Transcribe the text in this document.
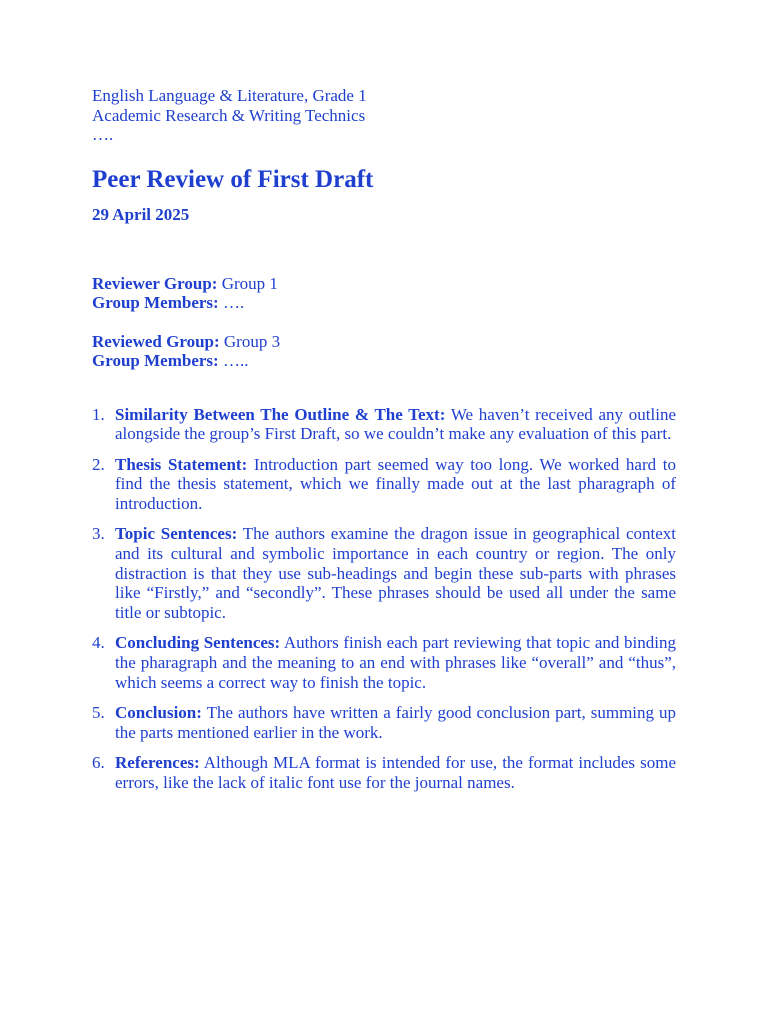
English Language & Literature, Grade 1

Academic Research & Writing Technics

….

Peer Review of First Draft

29 April 2025

Reviewer Group: Group 1

Group Members: ….

Reviewed Group: Group 3

Group Members: …..

1. Similarity Between The Outline & The Text: We haven’t received any outline alongside the group’s First Draft, so we couldn’t make any evaluation of this part.
2. Thesis Statement: Introduction part seemed way too long. We worked hard to find the thesis statement, which we finally made out at the last pharagraph of introduction.
3. Topic Sentences: The authors examine the dragon issue in geographical context and its cultural and symbolic importance in each country or region. The only distraction is that they use sub-headings and begin these sub-parts with phrases like “Firstly,” and “secondly”. These phrases should be used all under the same title or subtopic.
4. Concluding Sentences: Authors finish each part reviewing that topic and binding the pharagraph and the meaning to an end with phrases like “overall” and “thus”, which seems a correct way to finish the topic.
5. Conclusion: The authors have written a fairly good conclusion part, summing up the parts mentioned earlier in the work.
6. References: Although MLA format is intended for use, the format includes some errors, like the lack of italic font use for the journal names.
